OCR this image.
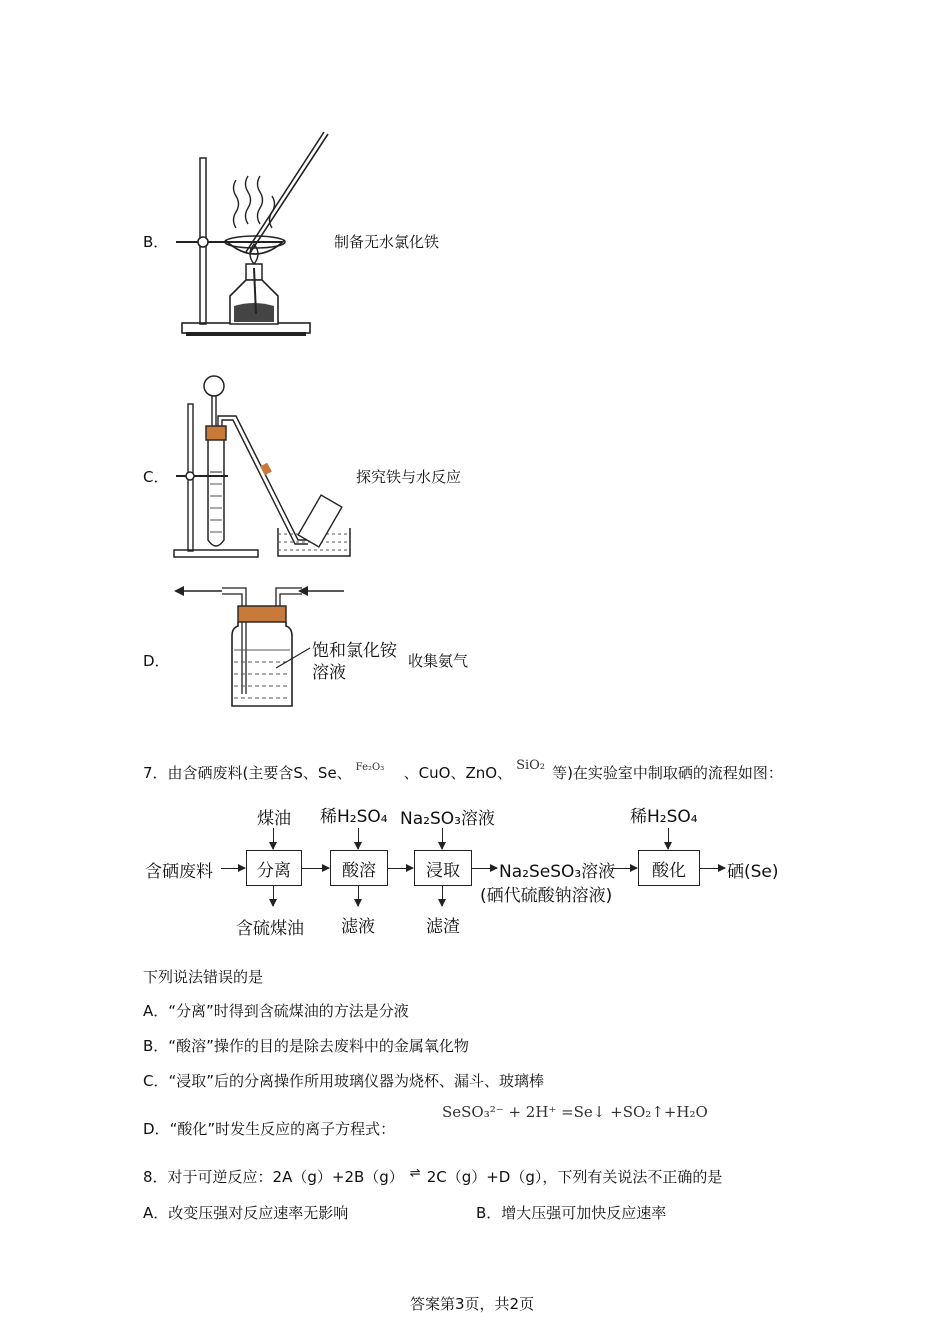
B．	制备无水氯化铁
C．	探究铁与水反应
D．	饱和氯化铵
溶液
收集氨气
7．由含硒废料(主要含S、Se、 Fe₂O₃ 、CuO、ZnO、 SiO₂ 等)在实验室中制取硒的流程如图：
含硒废料	分离
煤油
含硫煤油
酸溶
稀H₂SO₄
滤液
浸取
Na₂SO₃溶液
滤渣
Na₂SeSO₃溶液
(硒代硫酸钠溶液)
酸化
稀H₂SO₄
硒(Se)
下列说法错误的是
A．“分离”时得到含硫煤油的方法是分液
B．“酸溶”操作的目的是除去废料中的金属氧化物
C．“浸取”后的分离操作所用玻璃仪器为烧杯、漏斗、玻璃棒
D．“酸化”时发生反应的离子方程式：
SeSO₃²⁻ + 2H⁺ =Se↓ +SO₂↑+H₂O
8．对于可逆反应：2A（g）+2B（g） ⇌ 2C（g）+D（g），下列有关说法不正确的是
A．改变压强对反应速率无影响	B．增大压强可加快反应速率
答案第3页，共2页
